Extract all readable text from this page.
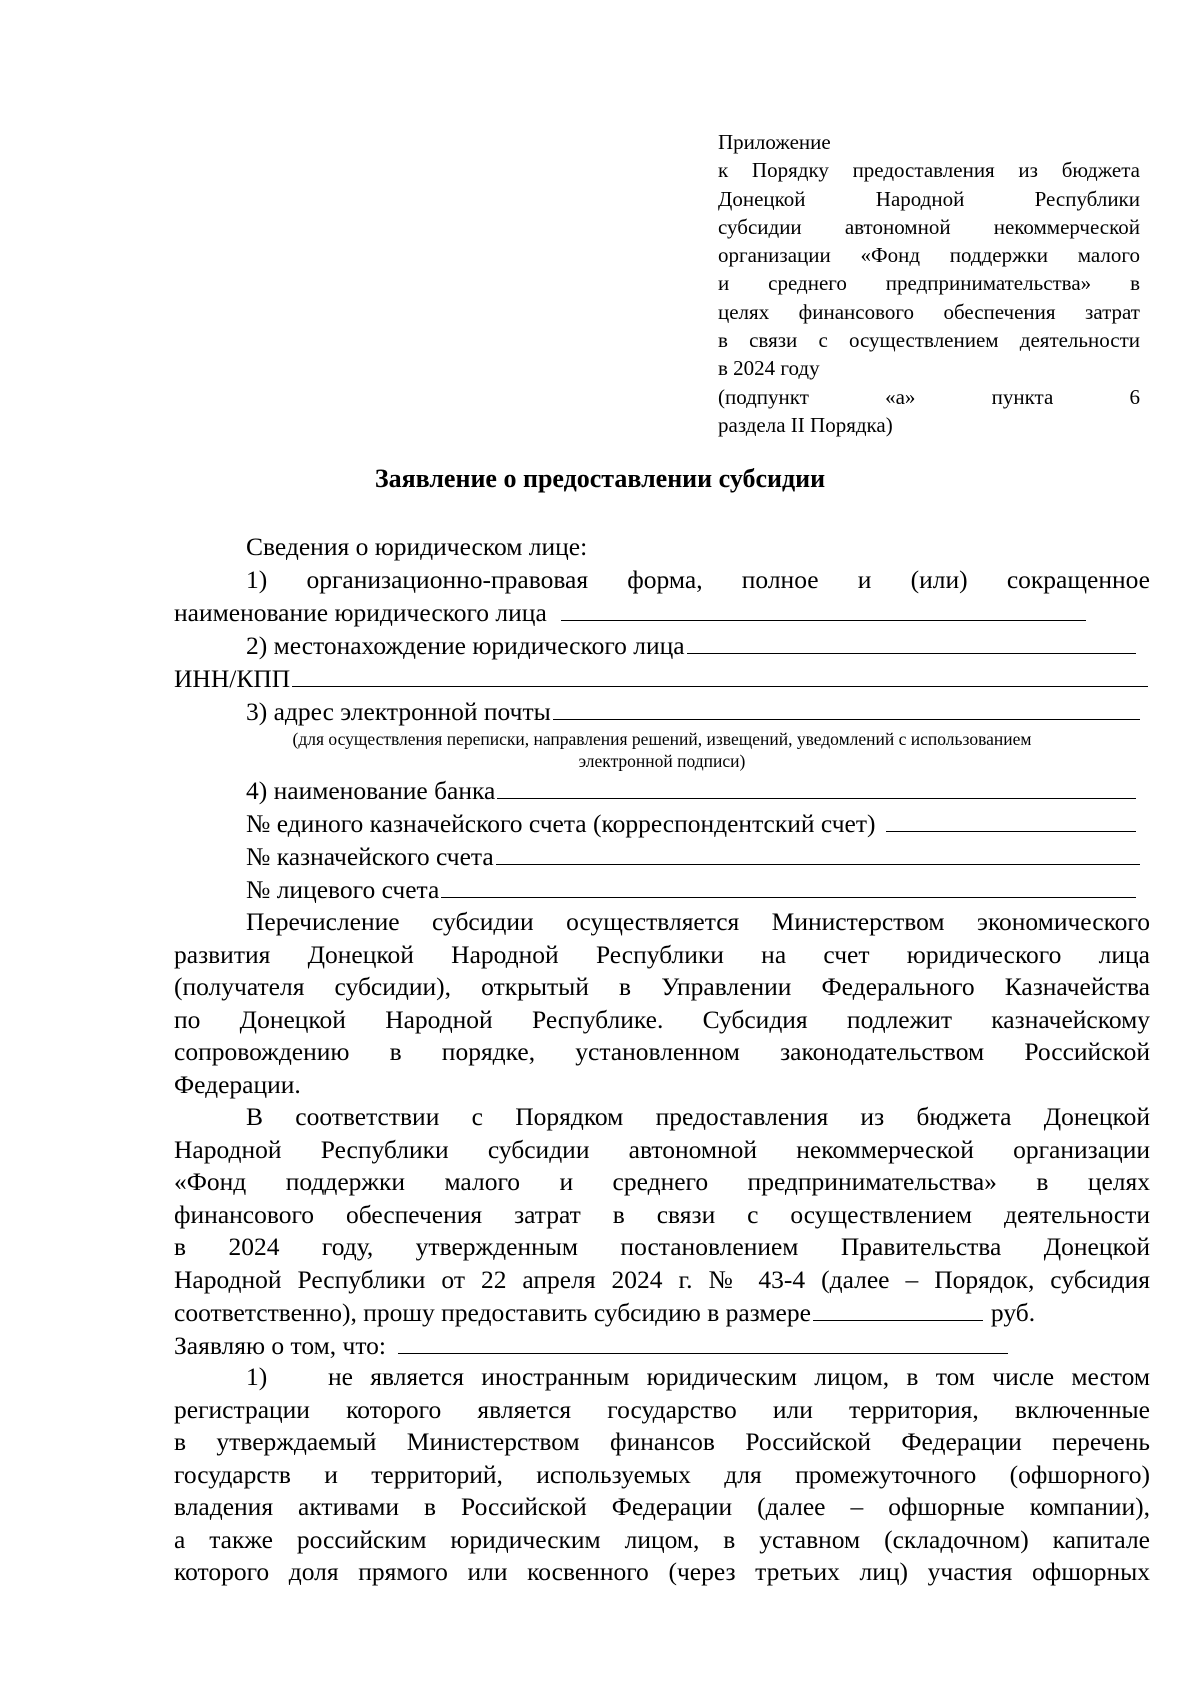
Приложение
к Порядку предоставления из бюджета
Донецкой Народной Республики
субсидии автономной некоммерческой
организации «Фонд поддержки малого
и среднего предпринимательства» в
целях финансового обеспечения затрат
в связи с осуществлением деятельности
в 2024 году
(подпункт «а» пункта 6
раздела II Порядка)
Заявление о предоставлении субсидии
Сведения о юридическом лице:
1) организационно-правовая форма, полное и (или) сокращенное
наименование юридического лица
2) местонахождение юридического лица
ИНН/КПП
3) адрес электронной почты
(для осуществления переписки, направления решений, извещений, уведомлений с использованием
электронной подписи)
4) наименование банка
№ единого казначейского счета (корреспондентский счет)
№ казначейского счета
№ лицевого счета
Перечисление субсидии осуществляется Министерством экономического
развития Донецкой Народной Республики на счет юридического лица
(получателя субсидии), открытый в Управлении Федерального Казначейства
по Донецкой Народной Республике. Субсидия подлежит казначейскому
сопровождению в порядке, установленном законодательством Российской
Федерации.
В соответствии с Порядком предоставления из бюджета Донецкой
Народной Республики субсидии автономной некоммерческой организации
«Фонд поддержки малого и среднего предпринимательства» в целях
финансового обеспечения затрат в связи с осуществлением деятельности
в 2024 году, утвержденным постановлением Правительства Донецкой
Народной Республики от 22 апреля 2024 г. № 43-4 (далее – Порядок, субсидия
соответственно), прошу предоставить субсидию в размере	руб.
Заявляю о том, что:
1)	не является иностранным юридическим лицом, в том числе местом
регистрации которого является государство или территория, включенные
в утверждаемый Министерством финансов Российской Федерации перечень
государств и территорий, используемых для промежуточного (офшорного)
владения активами в Российской Федерации (далее – офшорные компании),
а также российским юридическим лицом, в уставном (складочном) капитале
которого доля прямого или косвенного (через третьих лиц) участия офшорных
